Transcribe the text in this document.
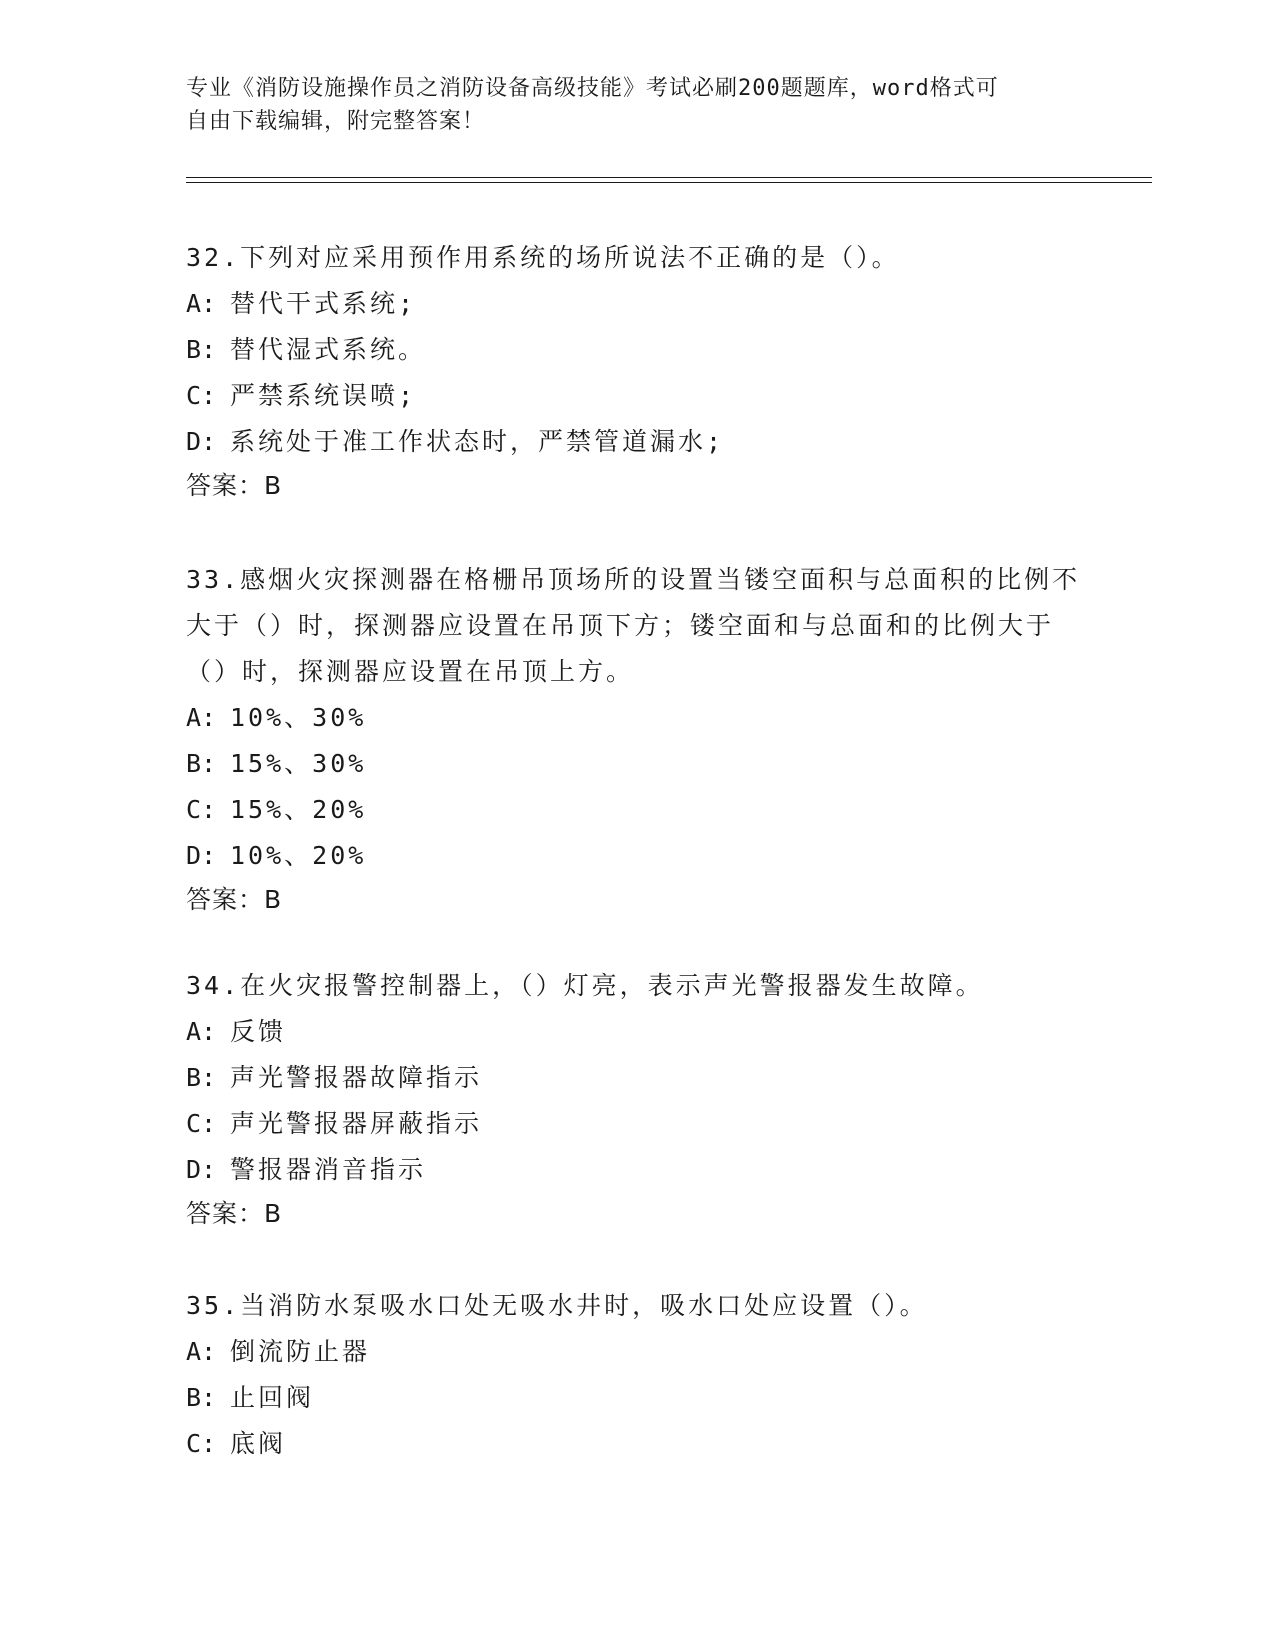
专业《消防设施操作员之消防设备高级技能》考试必刷200题题库，word格式可
自由下载编辑，附完整答案！
32.下列对应采用预作用系统的场所说法不正确的是（）。
A: 替代干式系统;
B: 替代湿式系统。
C: 严禁系统误喷;
D: 系统处于准工作状态时，严禁管道漏水;
答案：B
33.感烟火灾探测器在格栅吊顶场所的设置当镂空面积与总面积的比例不大于（）时，探测器应设置在吊顶下方；镂空面和与总面和的比例大于（）时，探测器应设置在吊顶上方。
A: 10%、30%
B: 15%、30%
C: 15%、20%
D: 10%、20%
答案：B
34.在火灾报警控制器上，（）灯亮，表示声光警报器发生故障。
A: 反馈
B: 声光警报器故障指示
C: 声光警报器屏蔽指示
D: 警报器消音指示
答案：B
35.当消防水泵吸水口处无吸水井时，吸水口处应设置（）。
A: 倒流防止器
B: 止回阀
C: 底阀
